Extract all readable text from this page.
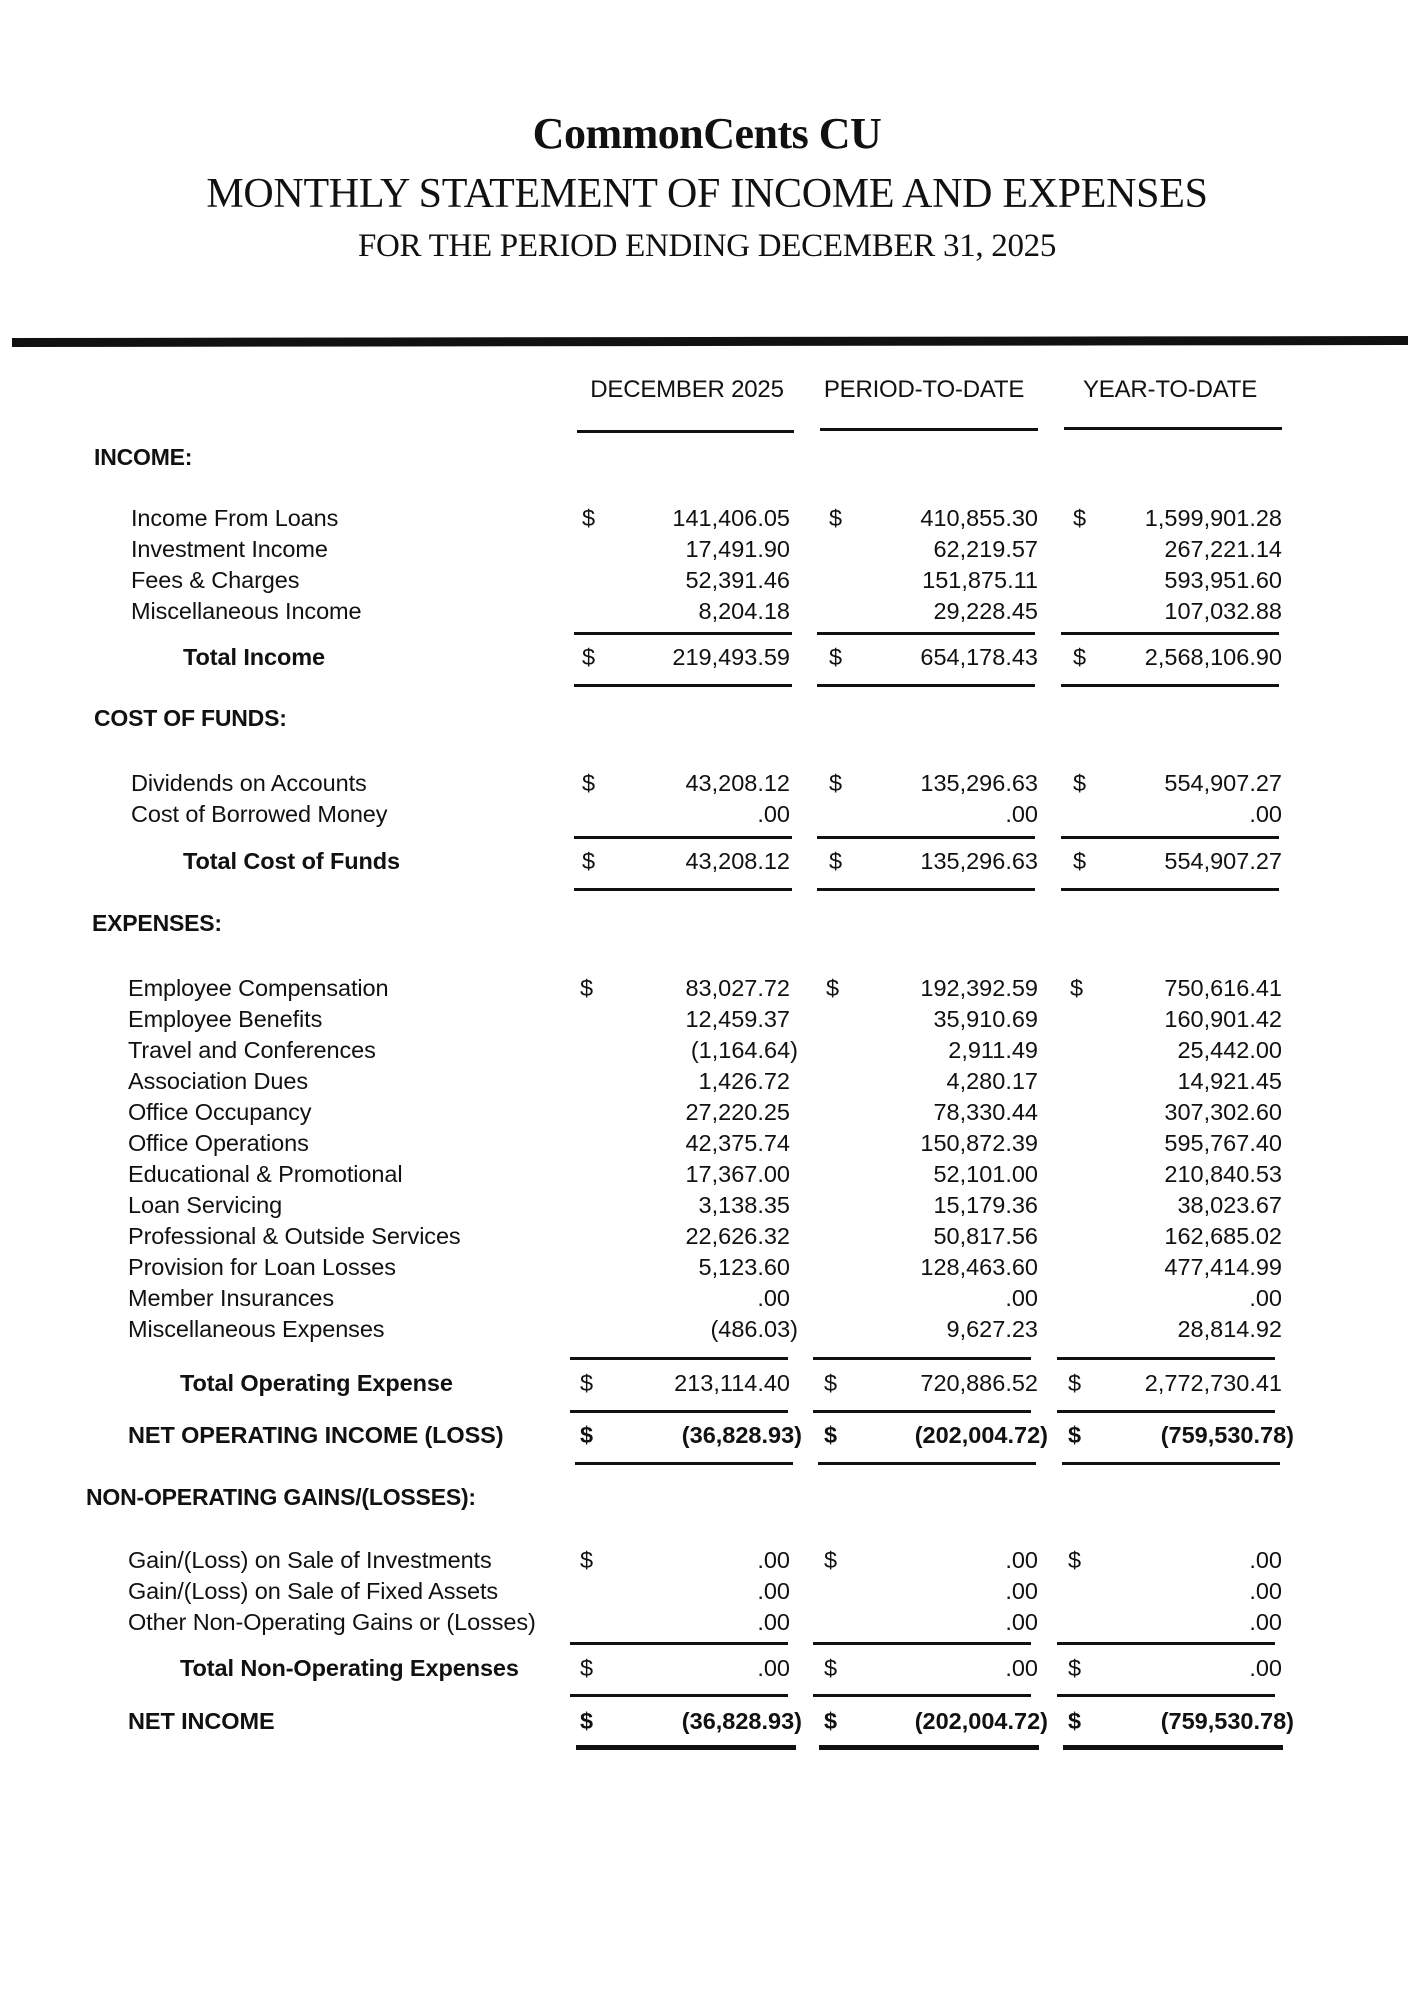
CommonCents CU
MONTHLY STATEMENT OF INCOME AND EXPENSES
FOR THE PERIOD ENDING DECEMBER 31, 2025
DECEMBER 2025	PERIOD-TO-DATE	YEAR-TO-DATE
INCOME:
Income From Loans	$	141,406.05 $	410,855.30 $ 1,599,901.28
Investment Income	17,491.90	62,219.57	267,221.14
Fees & Charges	52,391.46	151,875.11	593,951.60
Miscellaneous Income	8,204.18	29,228.45	107,032.88
Total Income	$	219,493.59 $	654,178.43 $ 2,568,106.90
COST OF FUNDS:
Dividends on Accounts	$	43,208.12 $	135,296.63 $	554,907.27
Cost of Borrowed Money	.00	.00	.00
Total Cost of Funds	$	43,208.12 $	135,296.63 $	554,907.27
EXPENSES:
Employee Compensation	$	83,027.72 $	192,392.59 $	750,616.41
Employee Benefits	12,459.37	35,910.69	160,901.42
Travel and Conferences	(1,164.64)	2,911.49	25,442.00
Association Dues	1,426.72	4,280.17	14,921.45
Office Occupancy	27,220.25	78,330.44	307,302.60
Office Operations	42,375.74	150,872.39	595,767.40
Educational & Promotional	17,367.00	52,101.00	210,840.53
Loan Servicing	3,138.35	15,179.36	38,023.67
Professional & Outside Services	22,626.32	50,817.56	162,685.02
Provision for Loan Losses	5,123.60	128,463.60	477,414.99
Member Insurances	.00	.00	.00
Miscellaneous Expenses	(486.03)	9,627.23	28,814.92
Total Operating Expense	$	213,114.40 $	720,886.52 $	2,772,730.41
NET OPERATING INCOME (LOSS)	$	(36,828.93) $	(202,004.72) $	(759,530.78)
NON-OPERATING GAINS/(LOSSES):
Gain/(Loss) on Sale of Investments	$	.00 $	.00 $	.00
Gain/(Loss) on Sale of Fixed Assets	.00	.00	.00
Other Non-Operating Gains or (Losses)	.00	.00	.00
Total Non-Operating Expenses	$	.00 $	.00 $	.00
NET INCOME	$	(36,828.93) $	(202,004.72) $	(759,530.78)
